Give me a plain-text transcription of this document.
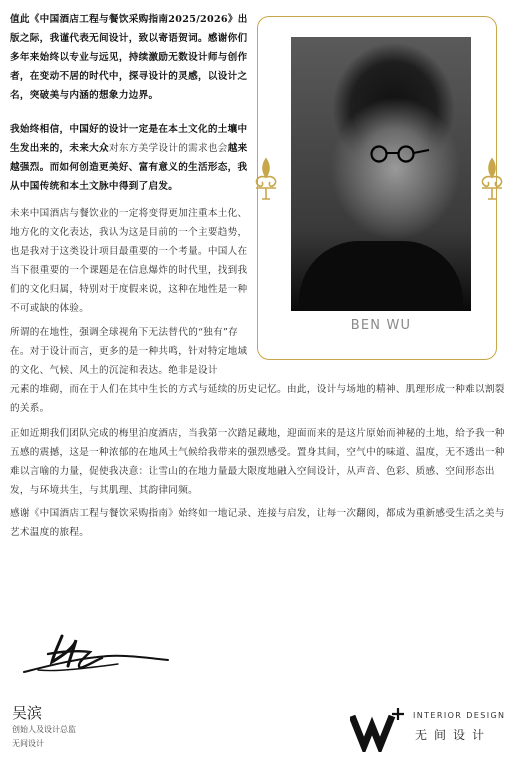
值此《中国酒店工程与餐饮采购指南2025/2026》出版之际，我谨代表无间设计，致以寄语贺词。感谢你们多年来始终以专业与远见，持续激励无数设计师与创作者，在变动不居的时代中，探寻设计的灵感，以设计之名，突破美与内涵的想象力边界。

我始终相信，中国好的设计一定是在本土文化的土壤中生发出来的，未来大众对东方美学设计的需求也会越来越强烈。而如何创造更美好、富有意义的生活形态，我从中国传统和本土文脉中得到了启发。

未来中国酒店与餐饮业的一定将变得更加注重本土化、地方化的文化表达，我认为这是目前的一个主要趋势，也是我对于这类设计项目最重要的一个考量。中国人在当下很重要的一个课题是在信息爆炸的时代里，找到我们的文化归属，特别对于度假来说，这种在地性是一种不可或缺的体验。

所谓的在地性，强调全球视角下无法替代的“独有”存在。对于设计而言，更多的是一种共鸣，针对特定地域的文化、气候、风土的沉淀和表达。绝非是设计

元素的堆砌，而在于人们在其中生长的方式与延续的历史记忆。由此，设计与场地的精神、肌理形成一种难以割裂的关系。

正如近期我们团队完成的梅里泊度酒店，当我第一次踏足藏地，迎面而来的是这片原始而神秘的土地，给予我一种五感的震撼，这是一种浓郁的在地风土气候给我带来的强烈感受。置身其间，空气中的味道、温度，无不透出一种难以言喻的力量，促使我决意：让雪山的在地力量最大限度地融入空间设计，从声音、色彩、质感、空间形态出发，与环境共生，与其肌理、其韵律同频。

感谢《中国酒店工程与餐饮采购指南》始终如一地记录、连接与启发，让每一次翻阅，都成为重新感受生活之美与艺术温度的旅程。

BEN WU
吴滨
创始人及设计总监
无间设计
INTERIOR DESIGN
无间设计
